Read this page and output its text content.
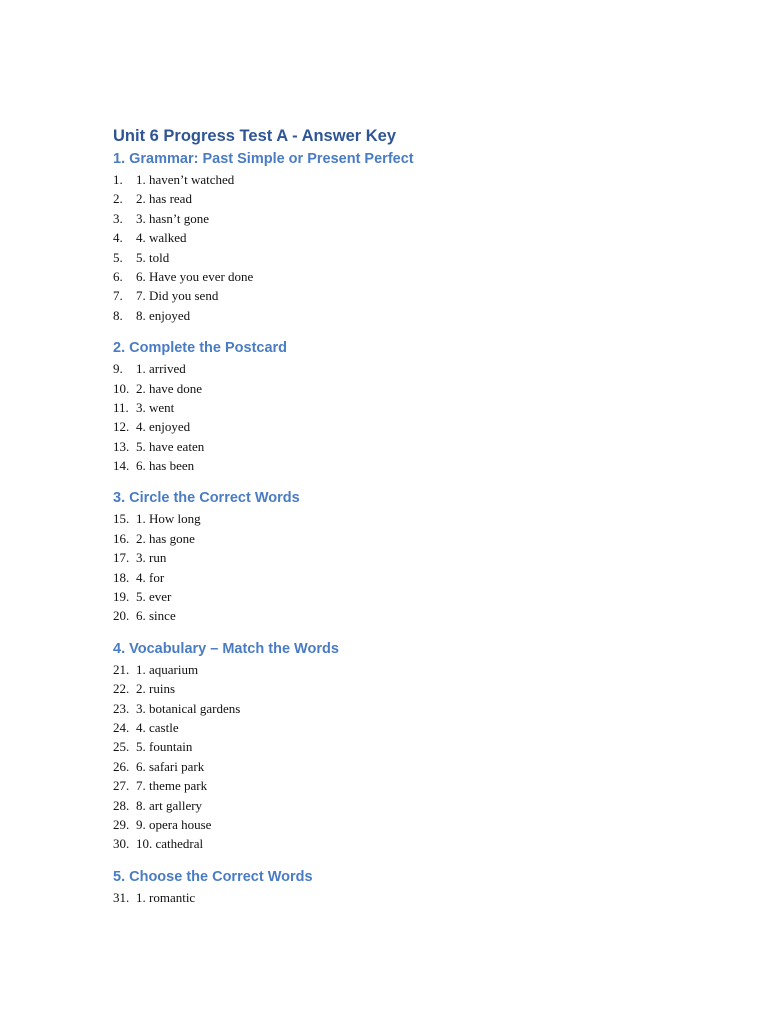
Unit 6 Progress Test A - Answer Key
1. Grammar: Past Simple or Present Perfect
1.	1. haven’t watched
2.	2. has read
3.	3. hasn’t gone
4.	4. walked
5.	5. told
6.	6. Have you ever done
7.	7. Did you send
8.	8. enjoyed
2. Complete the Postcard
9.	1. arrived
10. 2. have done
11. 3. went
12. 4. enjoyed
13. 5. have eaten
14. 6. has been
3. Circle the Correct Words
15. 1. How long
16. 2. has gone
17. 3. run
18. 4. for
19. 5. ever
20. 6. since
4. Vocabulary – Match the Words
21. 1. aquarium
22. 2. ruins
23. 3. botanical gardens
24. 4. castle
25. 5. fountain
26. 6. safari park
27. 7. theme park
28. 8. art gallery
29. 9. opera house
30. 10. cathedral
5. Choose the Correct Words
31. 1. romantic
